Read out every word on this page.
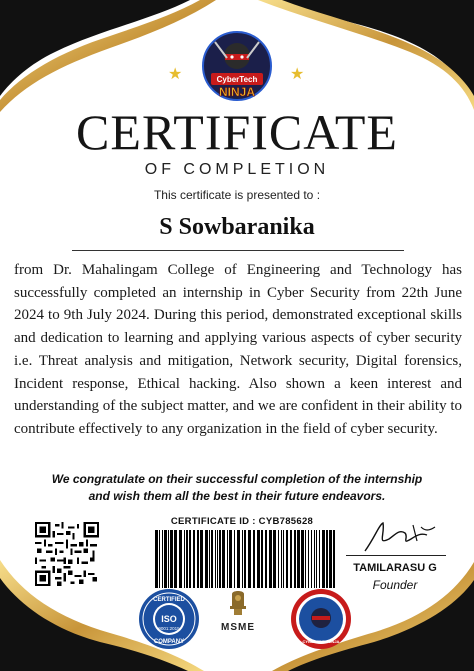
CyberTech
NINJA
★	★
CERTIFICATE
OF COMPLETION
This certificate is presented to :
S Sowbaranika
from Dr. Mahalingam College of Engineering and Technology has successfully completed an internship in Cyber Security from 22th June 2024 to 9th July 2024. During this period, demonstrated exceptional skills and dedication to learning and applying various aspects of cyber security i.e. Threat analysis and mitigation, Network security, Digital forensics, Incident response, Ethical hacking. Also shown a keen interest and understanding of the subject matter, and we are confident in their ability to contribute effectively to any organization in the field of cyber security.
We congratulate on their successful completion of the internship
and wish them all the best in their future endeavors.
CERTIFICATE ID : CYB785628
TAMILARASU G
Founder
CERTIFIED
ISO
9001:2015
COMPANY
MSME
CYBERTECHNINJA
